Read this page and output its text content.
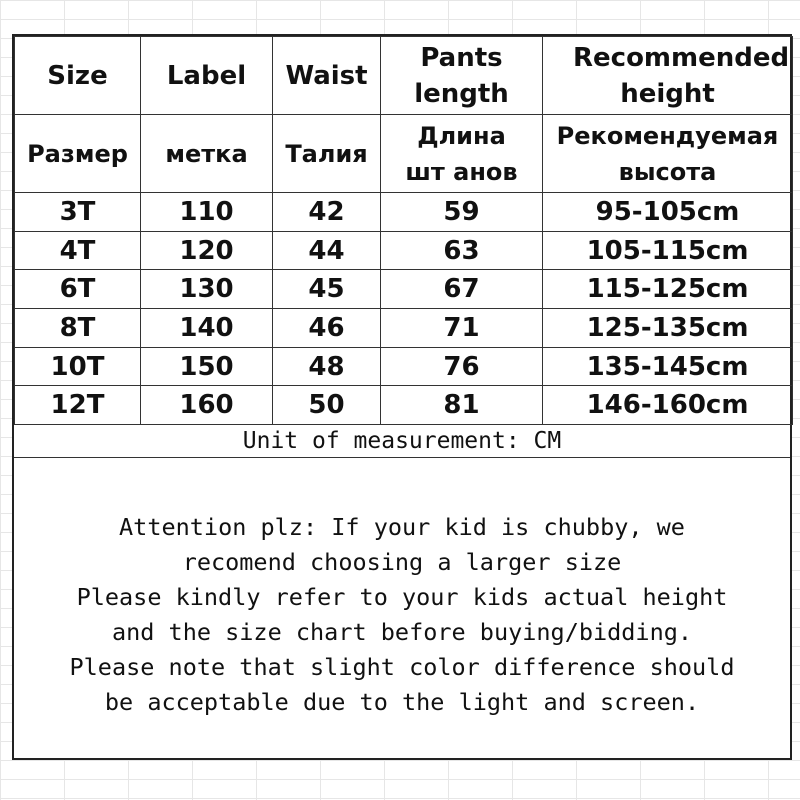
Size	Label	Waist	Pants length	Recommended height
Размер	метка	Талия	Длина шт анов	Рекомендуемая высота
3T	110	42	59	95-105cm
4T	120	44	63	105-115cm
6T	130	45	67	115-125cm
8T	140	46	71	125-135cm
10T	150	48	76	135-145cm
12T	160	50	81	146-160cm
Unit of measurement: CM
Attention plz: If your kid is chubby, we
recomend choosing a larger size
Please kindly refer to your kids actual height
and the size chart before buying/bidding.
Please note that slight color difference should
be acceptable due to the light and screen.
